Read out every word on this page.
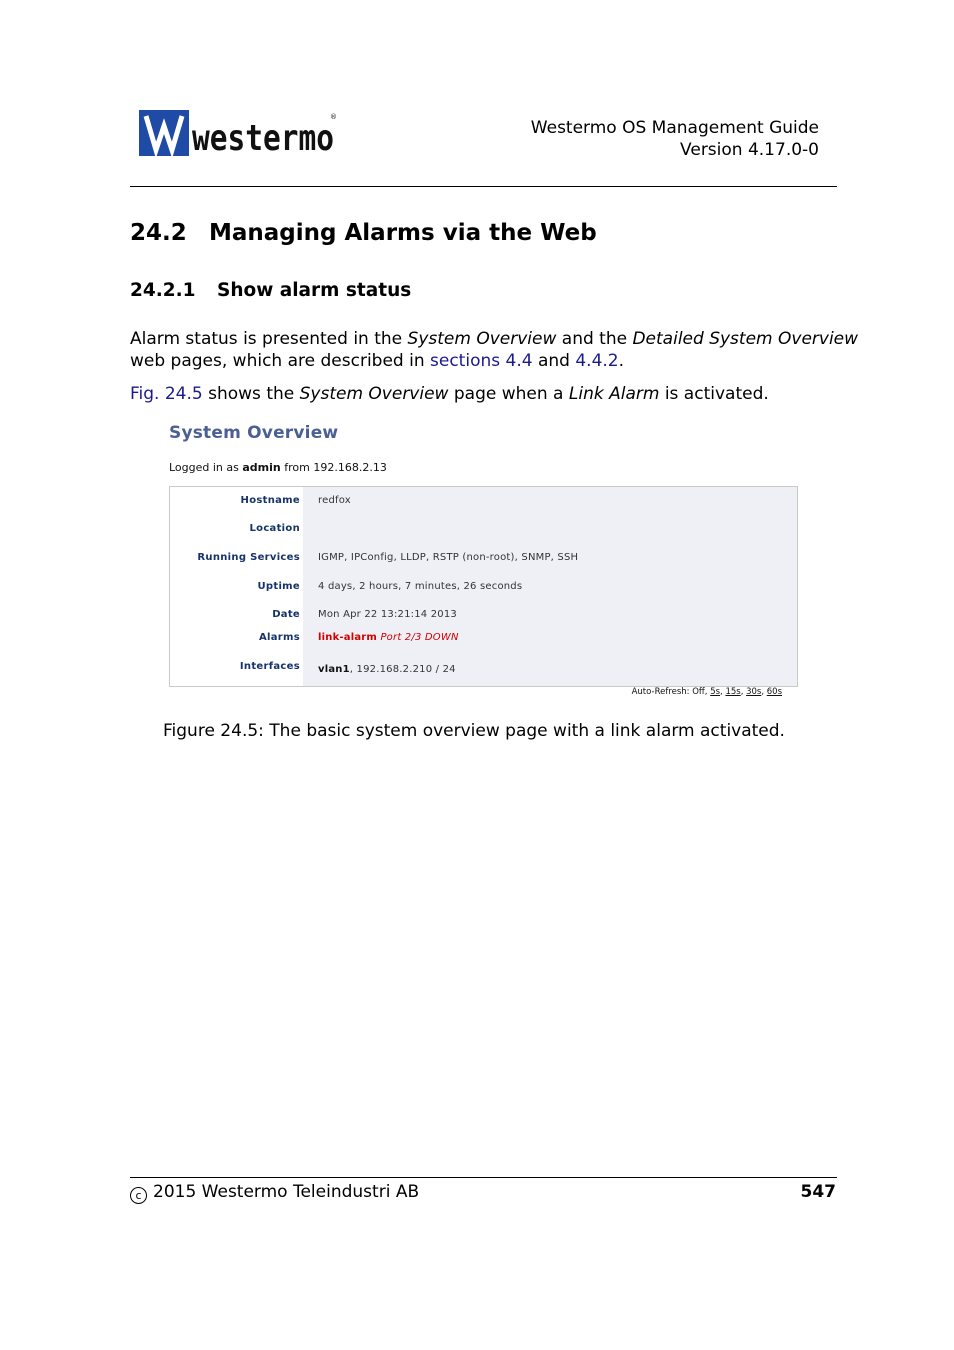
westermo
®
Westermo OS Management Guide
Version 4.17.0-0
24.2 Managing Alarms via the Web
24.2.1 Show alarm status
Alarm status is presented in the System Overview and the Detailed System Overview web pages, which are described in sections 4.4 and 4.4.2.
Fig. 24.5 shows the System Overview page when a Link Alarm is activated.
System Overview
Logged in as admin from 192.168.2.13
Hostname redfox
Location
Running Services IGMP, IPConfig, LLDP, RSTP (non-root), SNMP, SSH
Uptime 4 days, 2 hours, 7 minutes, 26 seconds
Date Mon Apr 22 13:21:14 2013
Alarms link-alarm Port 2/3 DOWN
Interfaces vlan1, 192.168.2.210 / 24
Auto-Refresh: Off, 5s, 15s, 30s, 60s
Figure 24.5: The basic system overview page with a link alarm activated.
c 2015 Westermo Teleindustri AB	547
